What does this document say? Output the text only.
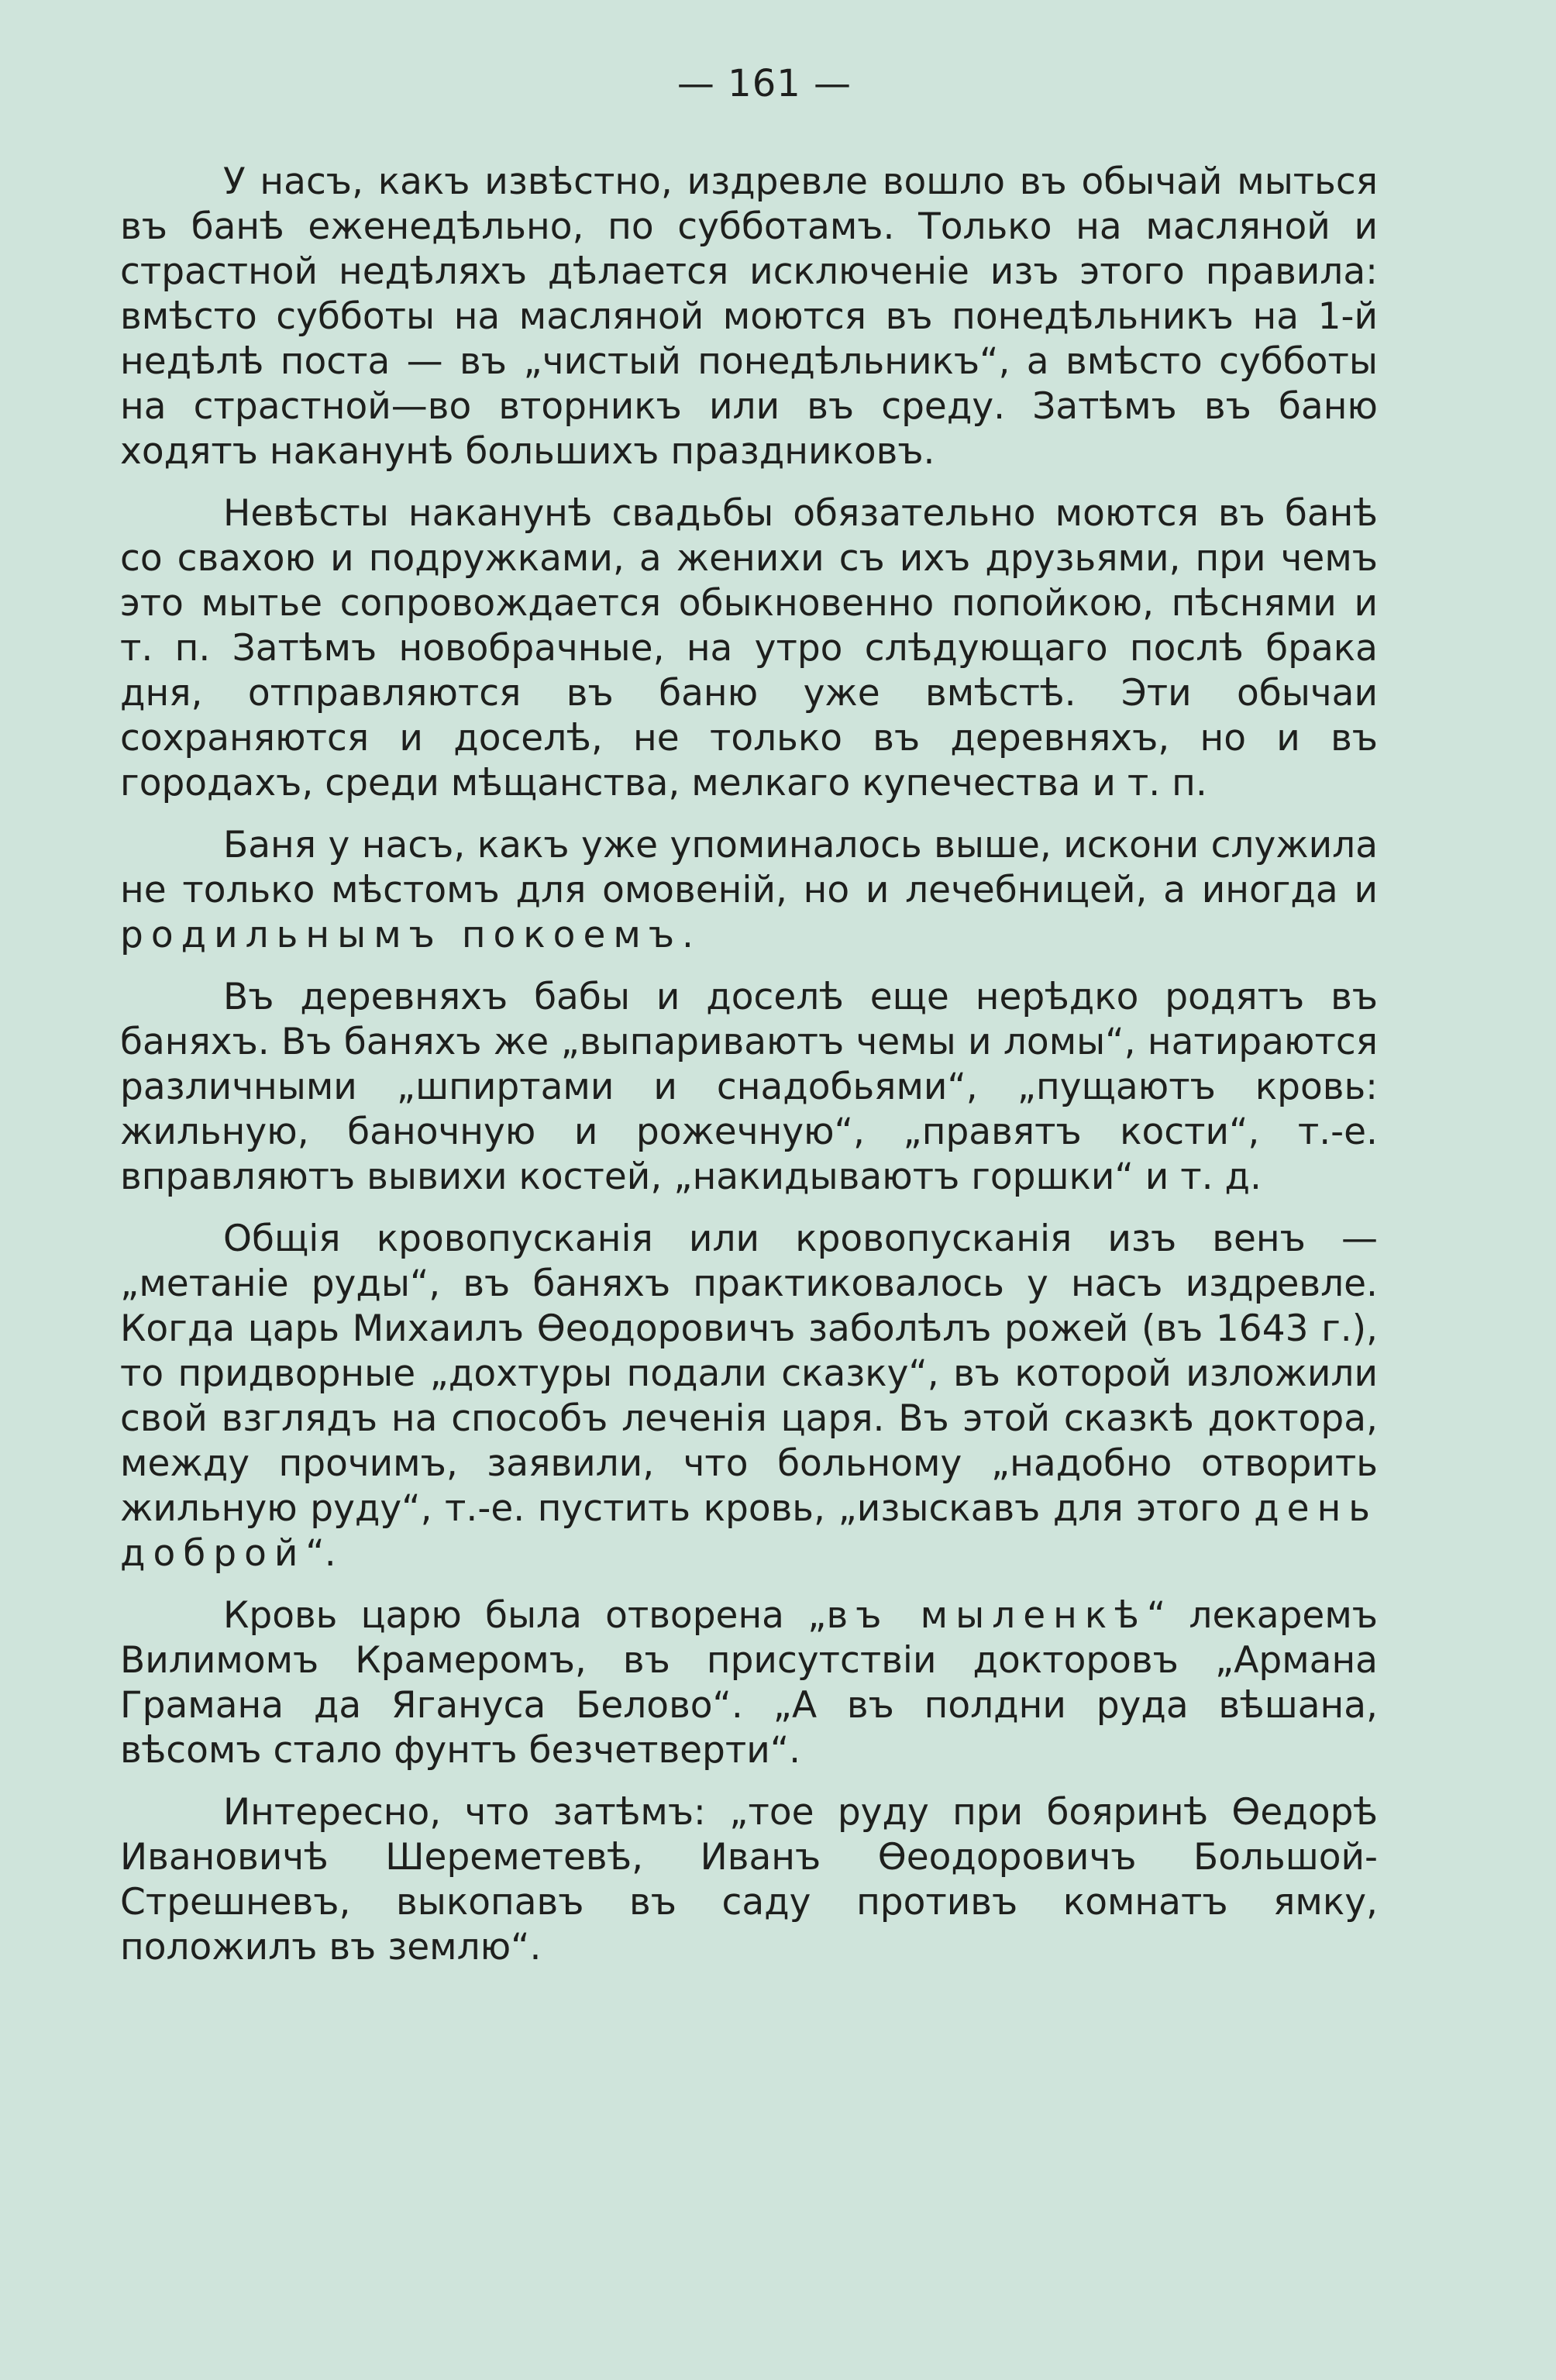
— 161 —

У насъ, какъ извѣстно, издревле вошло въ обычай мыться въ банѣ еженедѣльно, по субботамъ. Только на масляной и страстной недѣляхъ дѣлается исключенiе изъ этого правила: вмѣсто субботы на масляной моются въ понедѣльникъ на 1-й недѣлѣ поста — въ „чистый понедѣльникъ“, а вмѣсто субботы на страстной—во вторникъ или въ среду. Затѣмъ въ баню ходятъ наканунѣ большихъ праздниковъ.

Невѣсты наканунѣ свадьбы обязательно моются въ банѣ со свахою и подружками, а женихи съ ихъ друзьями, при чемъ это мытье сопровождается обыкновенно попойкою, пѣснями и т. п. Затѣмъ новобрачные, на утро слѣдующаго послѣ брака дня, отправляются въ баню уже вмѣстѣ. Эти обычаи сохраняются и доселѣ, не только въ деревняхъ, но и въ городахъ, среди мѣщанства, мелкаго купечества и т. п.

Баня у насъ, какъ уже упоминалось выше, искони служила не только мѣстомъ для омовенiй, но и лечебницей, а иногда и родильнымъ покоемъ.

Въ деревняхъ бабы и доселѣ еще нерѣдко родятъ въ баняхъ. Въ баняхъ же „выпариваютъ чемы и ломы“, натираются различными „шпиртами и снадобьями“, „пущаютъ кровь: жильную, баночную и рожечную“, „правятъ кости“, т.-е. вправляютъ вывихи костей, „накидываютъ горшки“ и т. д.

Общiя кровопусканiя или кровопусканiя изъ венъ — „метанiе руды“, въ баняхъ практиковалось у насъ издревле. Когда царь Михаилъ Ѳеодоровичъ заболѣлъ рожей (въ 1643 г.), то придворные „дохтуры подали сказку“, въ которой изложили свой взглядъ на способъ леченiя царя. Въ этой сказкѣ доктора, между прочимъ, заявили, что больному „надобно отворить жильную руду“, т.-е. пустить кровь, „изыскавъ для этого день доброй“.

Кровь царю была отворена „въ мыленкѣ“ лекаремъ Вилимомъ Крамеромъ, въ присутствiи докторовъ „Армана Грамана да Ягануса Белово“. „А въ полдни руда вѣшана, вѣсомъ стало фунтъ безчетверти“.

Интересно, что затѣмъ: „тое руду при бояринѣ Ѳедорѣ Ивановичѣ Шереметевѣ, Иванъ Ѳеодоровичъ Большой-Стрешневъ, выкопавъ въ саду противъ комнатъ ямку, положилъ въ землю“.
